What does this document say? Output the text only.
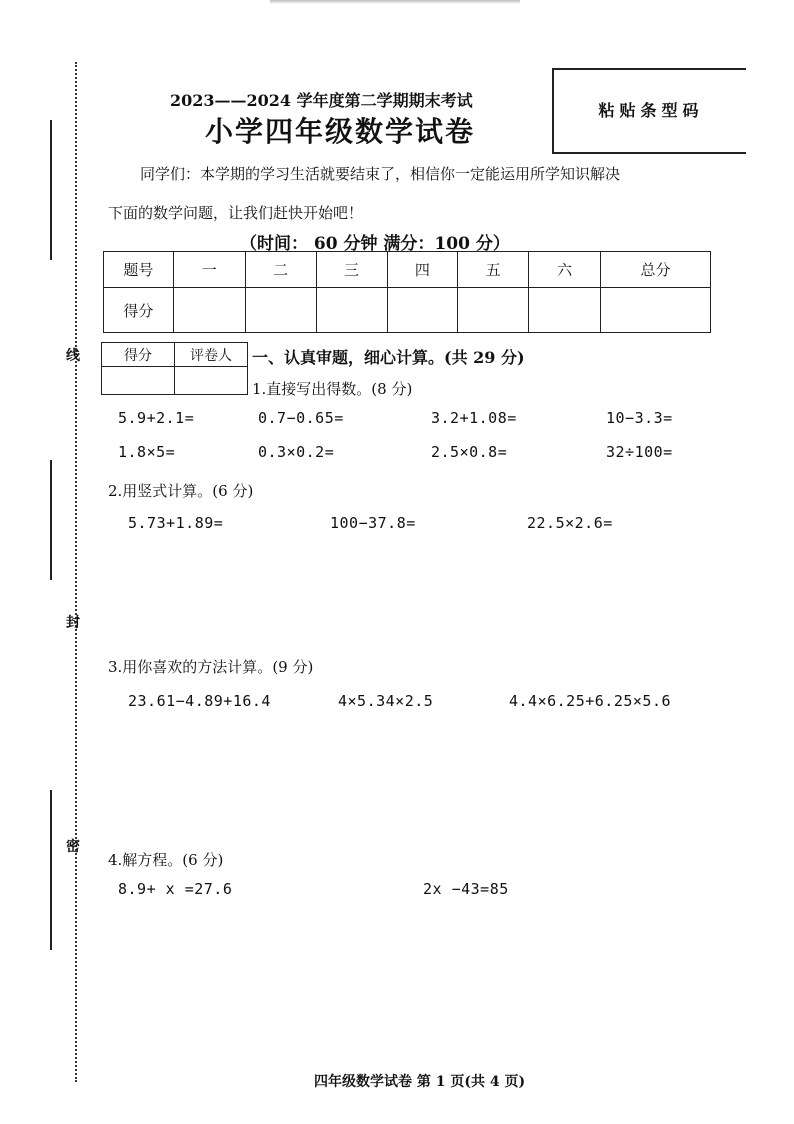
线
封
密
粘贴条型码
2023——2024 学年度第二学期期末考试
小学四年级数学试卷
同学们：本学期的学习生活就要结束了，相信你一定能运用所学知识解决
下面的数学问题，让我们赶快开始吧！
（时间： 60 分钟 满分：100 分）
题号	一	二	三	四	五	六	总分
得分							
得分	评卷人
	一、认真审题，细心计算。(共 29 分)
1.直接写出得数。(8 分)
5.9+2.1=	0.7−0.65=	3.2+1.08=	10−3.3=
1.8×5=	0.3×0.2=	2.5×0.8=	32÷100=
2.用竖式计算。(6 分)
5.73+1.89=	100−37.8=	22.5×2.6=
3.用你喜欢的方法计算。(9 分)
23.61−4.89+16.4	4×5.34×2.5	4.4×6.25+6.25×5.6
4.解方程。(6 分)
8.9+ x =27.6	2x −43=85
四年级数学试卷 第 1 页(共 4 页)
